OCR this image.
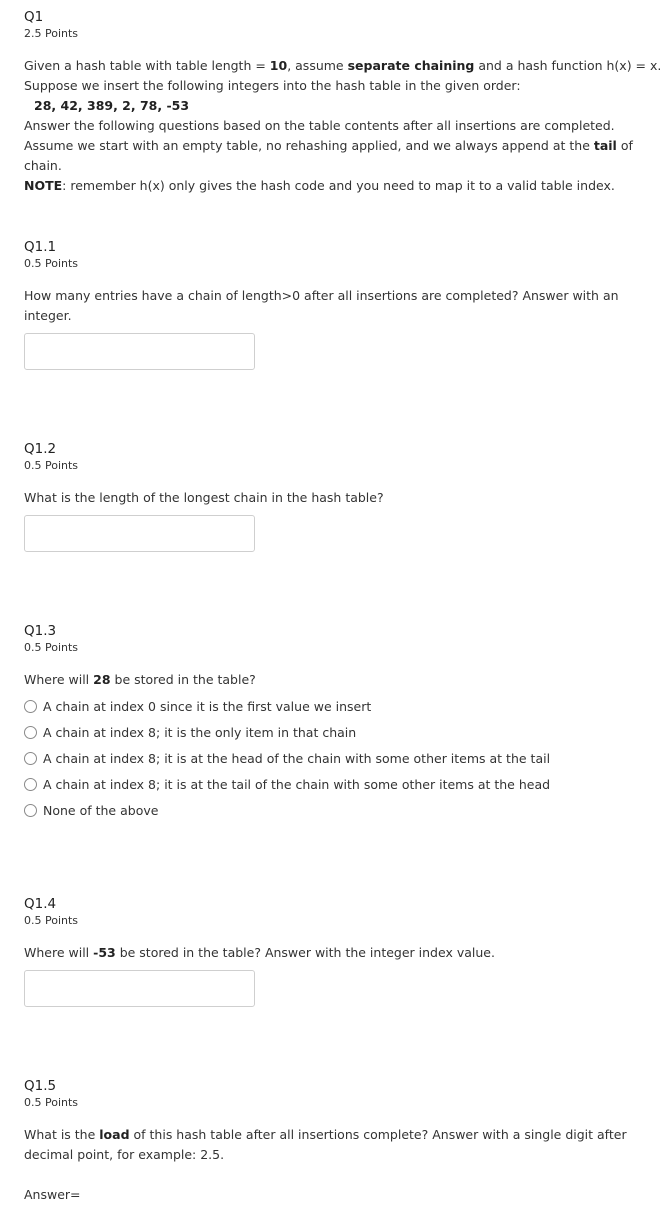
Q1
2.5 Points
Given a hash table with table length = 10, assume separate chaining and a hash function h(x) = x.
Suppose we insert the following integers into the hash table in the given order:
28, 42, 389, 2, 78, -53
Answer the following questions based on the table contents after all insertions are completed.
Assume we start with an empty table, no rehashing applied, and we always append at the tail of
chain.
NOTE: remember h(x) only gives the hash code and you need to map it to a valid table index.
Q1.1
0.5 Points
How many entries have a chain of length>0 after all insertions are completed? Answer with an
integer.
Q1.2
0.5 Points
What is the length of the longest chain in the hash table?
Q1.3
0.5 Points
Where will 28 be stored in the table?
A chain at index 0 since it is the first value we insert
A chain at index 8; it is the only item in that chain
A chain at index 8; it is at the head of the chain with some other items at the tail
A chain at index 8; it is at the tail of the chain with some other items at the head
None of the above
Q1.4
0.5 Points
Where will -53 be stored in the table? Answer with the integer index value.
Q1.5
0.5 Points
What is the load of this hash table after all insertions complete? Answer with a single digit after
decimal point, for example: 2.5.
Answer=
